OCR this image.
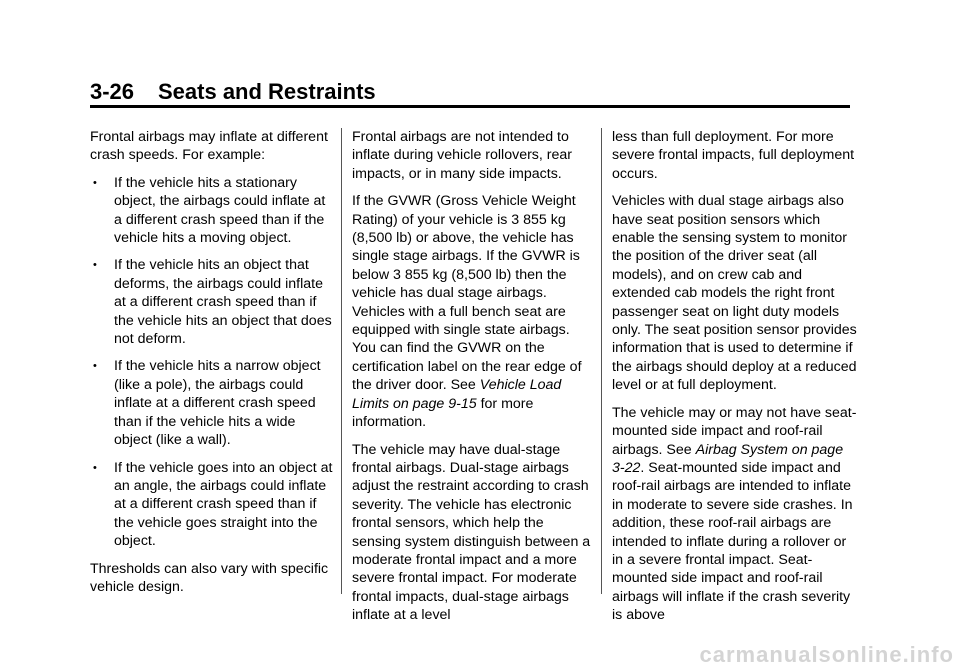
3-26 Seats and Restraints

Frontal airbags may inflate at different crash speeds. For example:

• If the vehicle hits a stationary object, the airbags could inflate at a different crash speed than if the vehicle hits a moving object.
• If the vehicle hits an object that deforms, the airbags could inflate at a different crash speed than if the vehicle hits an object that does not deform.
• If the vehicle hits a narrow object (like a pole), the airbags could inflate at a different crash speed than if the vehicle hits a wide object (like a wall).
• If the vehicle goes into an object at an angle, the airbags could inflate at a different crash speed than if the vehicle goes straight into the object.

Thresholds can also vary with specific vehicle design.

Frontal airbags are not intended to inflate during vehicle rollovers, rear impacts, or in many side impacts.

If the GVWR (Gross Vehicle Weight Rating) of your vehicle is 3 855 kg (8,500 lb) or above, the vehicle has single stage airbags. If the GVWR is below 3 855 kg (8,500 lb) then the vehicle has dual stage airbags. Vehicles with a full bench seat are equipped with single state airbags. You can find the GVWR on the certification label on the rear edge of the driver door. See Vehicle Load Limits on page 9-15 for more information.

The vehicle may have dual-stage frontal airbags. Dual-stage airbags adjust the restraint according to crash severity. The vehicle has electronic frontal sensors, which help the sensing system distinguish between a moderate frontal impact and a more severe frontal impact. For moderate frontal impacts, dual-stage airbags inflate at a level

less than full deployment. For more severe frontal impacts, full deployment occurs.

Vehicles with dual stage airbags also have seat position sensors which enable the sensing system to monitor the position of the driver seat (all models), and on crew cab and extended cab models the right front passenger seat on light duty models only. The seat position sensor provides information that is used to determine if the airbags should deploy at a reduced level or at full deployment.

The vehicle may or may not have seat-mounted side impact and roof-rail airbags. See Airbag System on page 3-22. Seat-mounted side impact and roof-rail airbags are intended to inflate in moderate to severe side crashes. In addition, these roof-rail airbags are intended to inflate during a rollover or in a severe frontal impact. Seat-mounted side impact and roof-rail airbags will inflate if the crash severity is above

carmanualsonline.info
